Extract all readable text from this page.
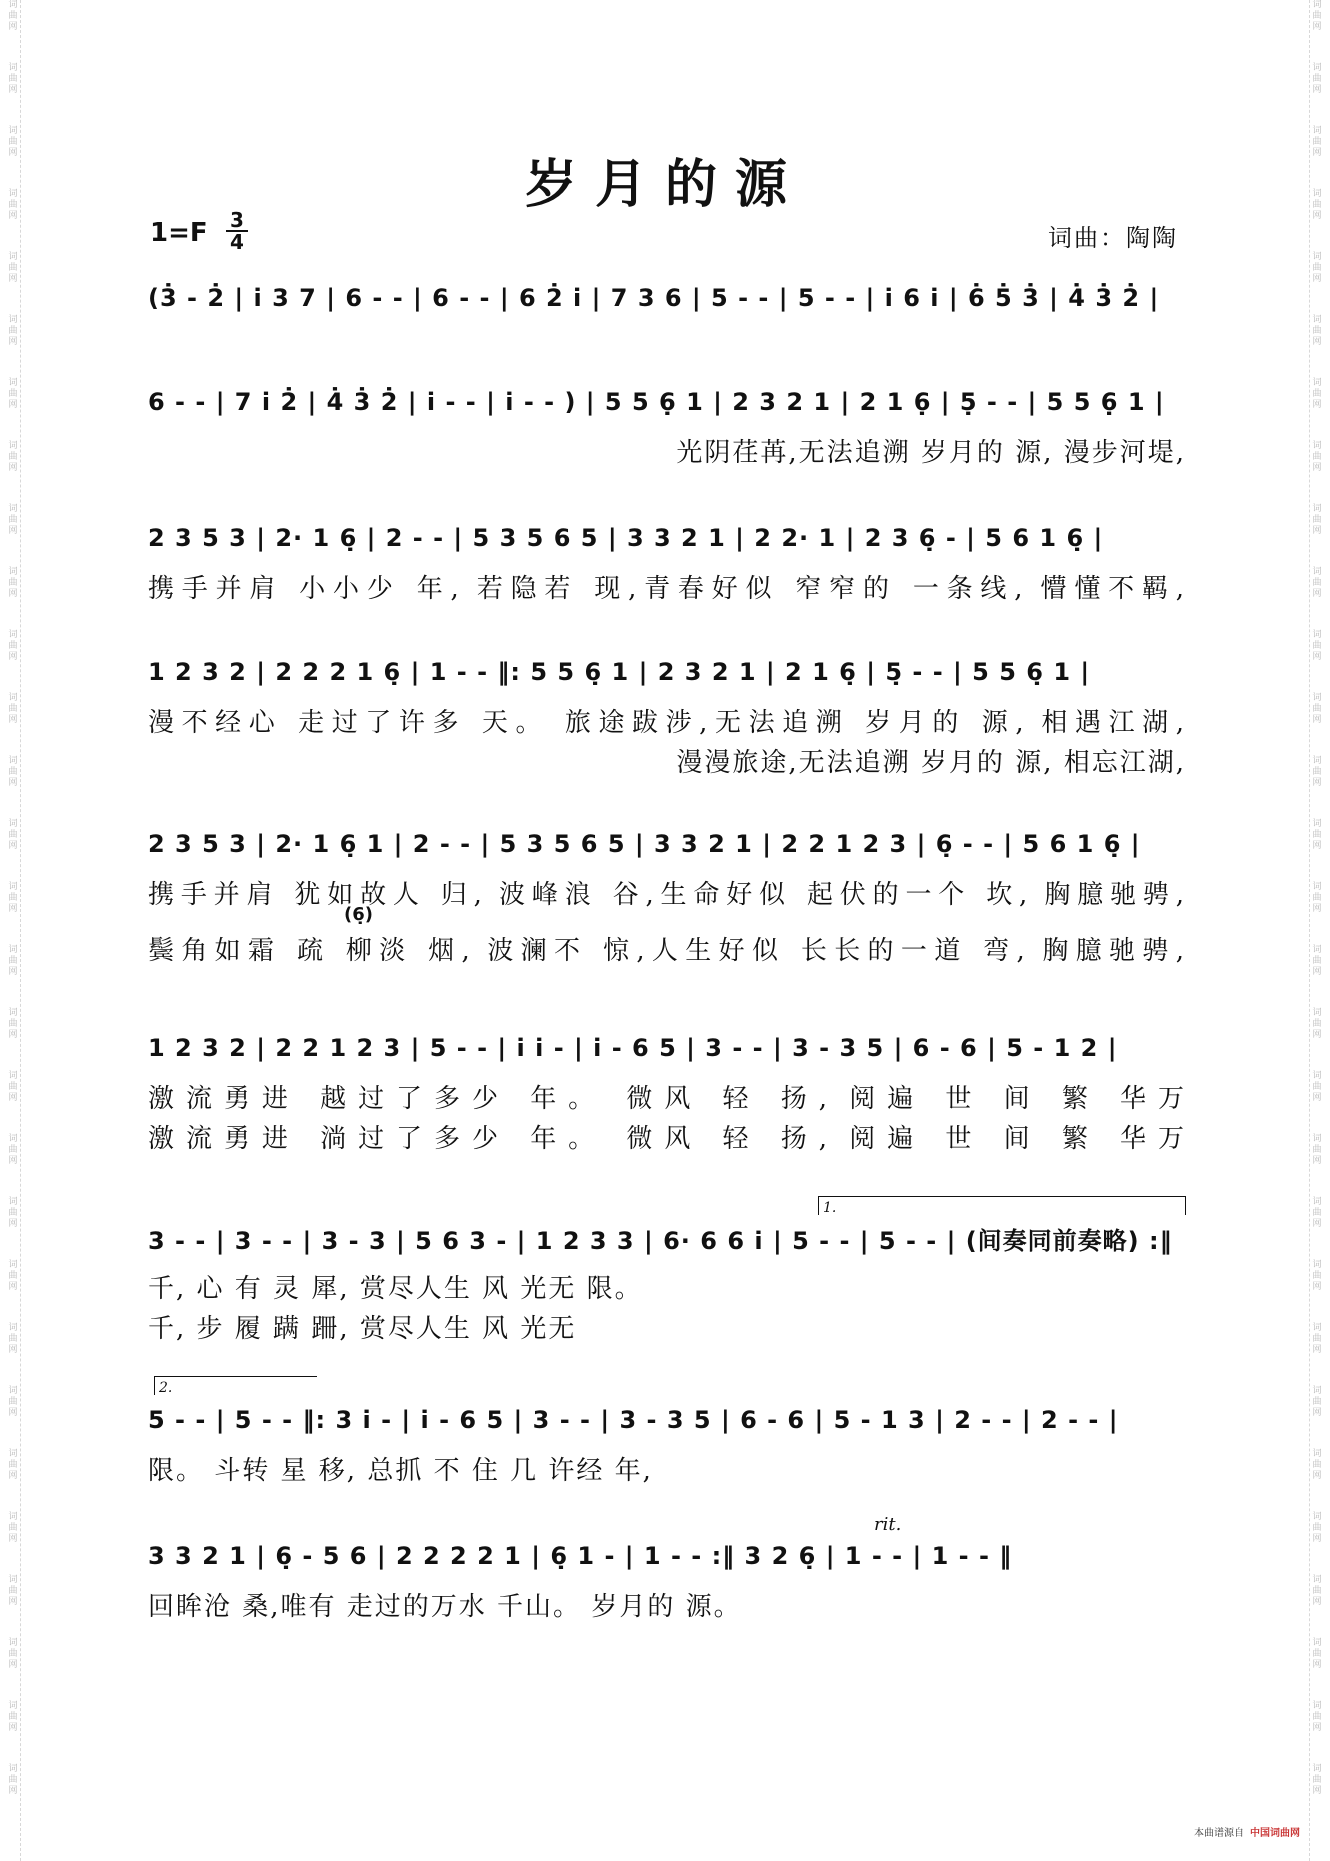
词曲网
词曲网
词曲网
词曲网
词曲网
词曲网
词曲网
词曲网
词曲网
词曲网
词曲网
词曲网
词曲网
词曲网
词曲网
词曲网
词曲网
词曲网
词曲网
词曲网
词曲网
词曲网
词曲网
词曲网
词曲网
词曲网
词曲网
词曲网
词曲网
词曲网
词曲网
词曲网
词曲网
词曲网
词曲网
词曲网
词曲网
词曲网
词曲网
词曲网
词曲网
词曲网
词曲网
词曲网
词曲网
词曲网
词曲网
词曲网
词曲网
词曲网
词曲网
词曲网
词曲网
词曲网
词曲网
词曲网
词曲网
词曲网
岁月的源
1=F 3
4	词曲：陶陶
(3̇ - 2̇ | i̇ 3 7 | 6 - - | 6 - - | 6 2̇ i̇ | 7 3 6 | 5 - - | 5 - - | i̇ 6 i̇ | 6̇ 5̇ 3̇ | 4̇ 3̇ 2̇ |
6 - - | 7 i̇ 2̇ | 4̇ 3̇ 2̇ | i̇ - - | i̇ - - ) | 5 5 6̣ 1 | 2 3 2 1 | 2 1 6̣ | 5̣ - - | 5 5 6̣ 1 |
光阴荏苒,无法追溯 岁月的 源, 漫步河堤,
2 3 5 3 | 2· 1 6̣ | 2 - - | 5 3 5 6 5 | 3 3 2 1 | 2 2· 1 | 2 3 6̣ - | 5 6 1 6̣ |
携手并肩 小小少 年, 若隐若 现,青春好似 窄窄的 一条线, 懵懂不羁,
1 2 3 2 | 2 2 2 1 6̣ | 1 - - ‖: 5 5 6̣ 1 | 2 3 2 1 | 2 1 6̣ | 5̣ - - | 5 5 6̣ 1 |
漫不经心 走过了许多 天。 旅途跋涉,无法追溯 岁月的 源, 相遇江湖,
漫漫旅途,无法追溯 岁月的 源, 相忘江湖,
2 3 5 3 | 2· 1 6̣ 1 | 2 - - | 5 3 5 6 5 | 3 3 2 1 | 2 2 1 2 3 | 6̣ - - | 5 6 1 6̣ |
携手并肩 犹如故人 归, 波峰浪 谷,生命好似 起伏的一个 坎, 胸臆驰骋,
(6̣)
鬓角如霜 疏 柳淡 烟, 波澜不 惊,人生好似 长长的一道 弯, 胸臆驰骋,
1 2 3 2 | 2 2 1 2 3 | 5 - - | i̇ i̇ - | i̇ - 6 5 | 3 - - | 3 - 3 5 | 6 - 6 | 5 - 1 2 |
激流勇进 越过了多少 年。 微风 轻 扬, 阅遍 世 间 繁 华万
激流勇进 淌过了多少 年。 微风 轻 扬, 阅遍 世 间 繁 华万
1.
3 - - | 3 - - | 3 - 3 | 5 6 3 - | 1 2 3 3 | 6· 6 6 i̇ | 5 - - | 5 - - | (间奏同前奏略) :‖
千, 心 有 灵 犀, 赏尽人生 风 光无 限。
千, 步 履 蹒 跚, 赏尽人生 风 光无
2.
5 - - | 5 - - ‖: 3 i̇ - | i̇ - 6 5 | 3 - - | 3 - 3 5 | 6 - 6 | 5 - 1 3 | 2 - - | 2 - - |
限。 斗转 星 移, 总抓 不 住 几 许经 年,
rit.
3 3 2 1 | 6̣ - 5 6 | 2 2 2 2 1 | 6̣ 1 - | 1 - - :‖ 3 2 6̣ | 1 - - | 1 - - ‖
回眸沧 桑,唯有 走过的万水 千山。 岁月的 源。
本曲谱源自 中国词曲网
